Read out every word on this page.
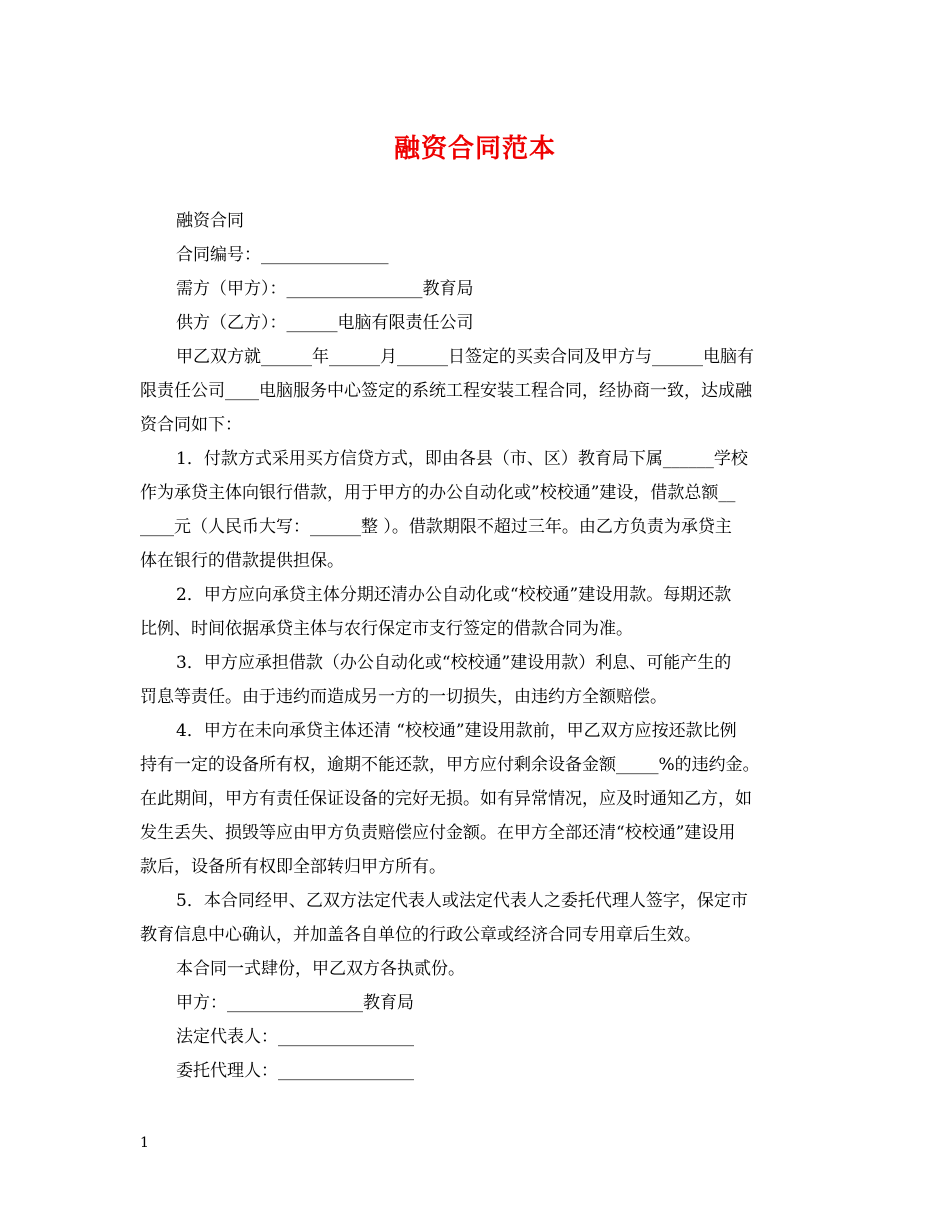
融资合同范本
融资合同
合同编号：_______________
需方（甲方）：________________教育局
供方（乙方）：______电脑有限责任公司
甲乙双方就______年______月______日签定的买卖合同及甲方与______电脑有
限责任公司____电脑服务中心签定的系统工程安装工程合同，经协商一致，达成融
资合同如下：
1．付款方式采用买方信贷方式，即由各县（市、区）教育局下属______学校
作为承贷主体向银行借款，用于甲方的办公自动化或”校校通”建设，借款总额__
____元（人民币大写：______整 ）。借款期限不超过三年。由乙方负责为承贷主
体在银行的借款提供担保。
2．甲方应向承贷主体分期还清办公自动化或“校校通”建设用款。每期还款
比例、时间依据承贷主体与农行保定市支行签定的借款合同为准。
3．甲方应承担借款（办公自动化或“校校通”建设用款）利息、可能产生的
罚息等责任。由于违约而造成另一方的一切损失，由违约方全额赔偿。
4．甲方在未向承贷主体还清 “校校通”建设用款前，甲乙双方应按还款比例
持有一定的设备所有权，逾期不能还款，甲方应付剩余设备金额_____%的违约金。
在此期间，甲方有责任保证设备的完好无损。如有异常情况，应及时通知乙方，如
发生丢失、损毁等应由甲方负责赔偿应付金额。在甲方全部还清“校校通”建设用
款后，设备所有权即全部转归甲方所有。
5．本合同经甲、乙双方法定代表人或法定代表人之委托代理人签字，保定市
教育信息中心确认，并加盖各自单位的行政公章或经济合同专用章后生效。
本合同一式肆份，甲乙双方各执贰份。
甲方：________________教育局
法定代表人：________________
委托代理人：________________
1
